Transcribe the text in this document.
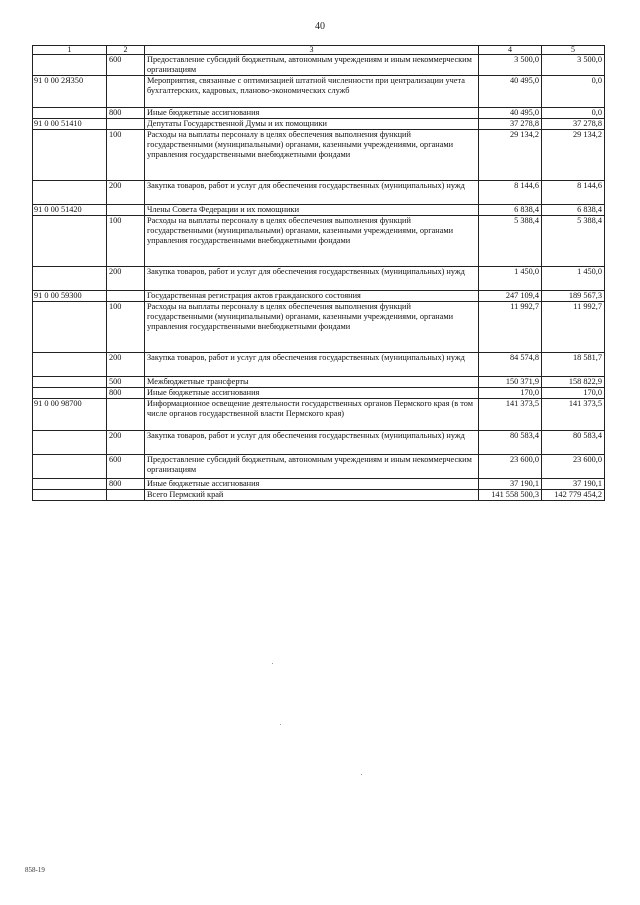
40
1	2	3	4	5
	600	Предоставление субсидий бюджетным, автономным учреждениям и иным некоммерческим организациям	3 500,0	3 500,0
91 0 00 2Я350		Мероприятия, связанные с оптимизацией штатной численности при централизации учета бухгалтерских, кадровых, планово-экономических служб	40 495,0	0,0
	800	Иные бюджетные ассигнования	40 495,0	0,0
91 0 00 51410		Депутаты Государственной Думы и их помощники	37 278,8	37 278,8
	100	Расходы на выплаты персоналу в целях обеспечения выполнения функций государственными (муниципальными) органами, казенными учреждениями, органами управления государственными внебюджетными фондами	29 134,2	29 134,2
	200	Закупка товаров, работ и услуг для обеспечения государственных (муниципальных) нужд	8 144,6	8 144,6
91 0 00 51420		Члены Совета Федерации и их помощники	6 838,4	6 838,4
	100	Расходы на выплаты персоналу в целях обеспечения выполнения функций государственными (муниципальными) органами, казенными учреждениями, органами управления государственными внебюджетными фондами	5 388,4	5 388,4
	200	Закупка товаров, работ и услуг для обеспечения государственных (муниципальных) нужд	1 450,0	1 450,0
91 0 00 59300		Государственная регистрация актов гражданского состояния	247 109,4	189 567,3
	100	Расходы на выплаты персоналу в целях обеспечения выполнения функций государственными (муниципальными) органами, казенными учреждениями, органами управления государственными внебюджетными фондами	11 992,7	11 992,7
	200	Закупка товаров, работ и услуг для обеспечения государственных (муниципальных) нужд	84 574,8	18 581,7
	500	Межбюджетные трансферты	150 371,9	158 822,9
	800	Иные бюджетные ассигнования	170,0	170,0
91 0 00 98700		Информационное освещение деятельности государственных органов Пермского края (в том числе органов государственной власти Пермского края)	141 373,5	141 373,5
	200	Закупка товаров, работ и услуг для обеспечения государственных (муниципальных) нужд	80 583,4	80 583,4
	600	Предоставление субсидий бюджетным, автономным учреждениям и иным некоммерческим организациям	23 600,0	23 600,0
	800	Иные бюджетные ассигнования	37 190,1	37 190,1
		Всего Пермский край	141 558 500,3	142 779 454,2
858-19
